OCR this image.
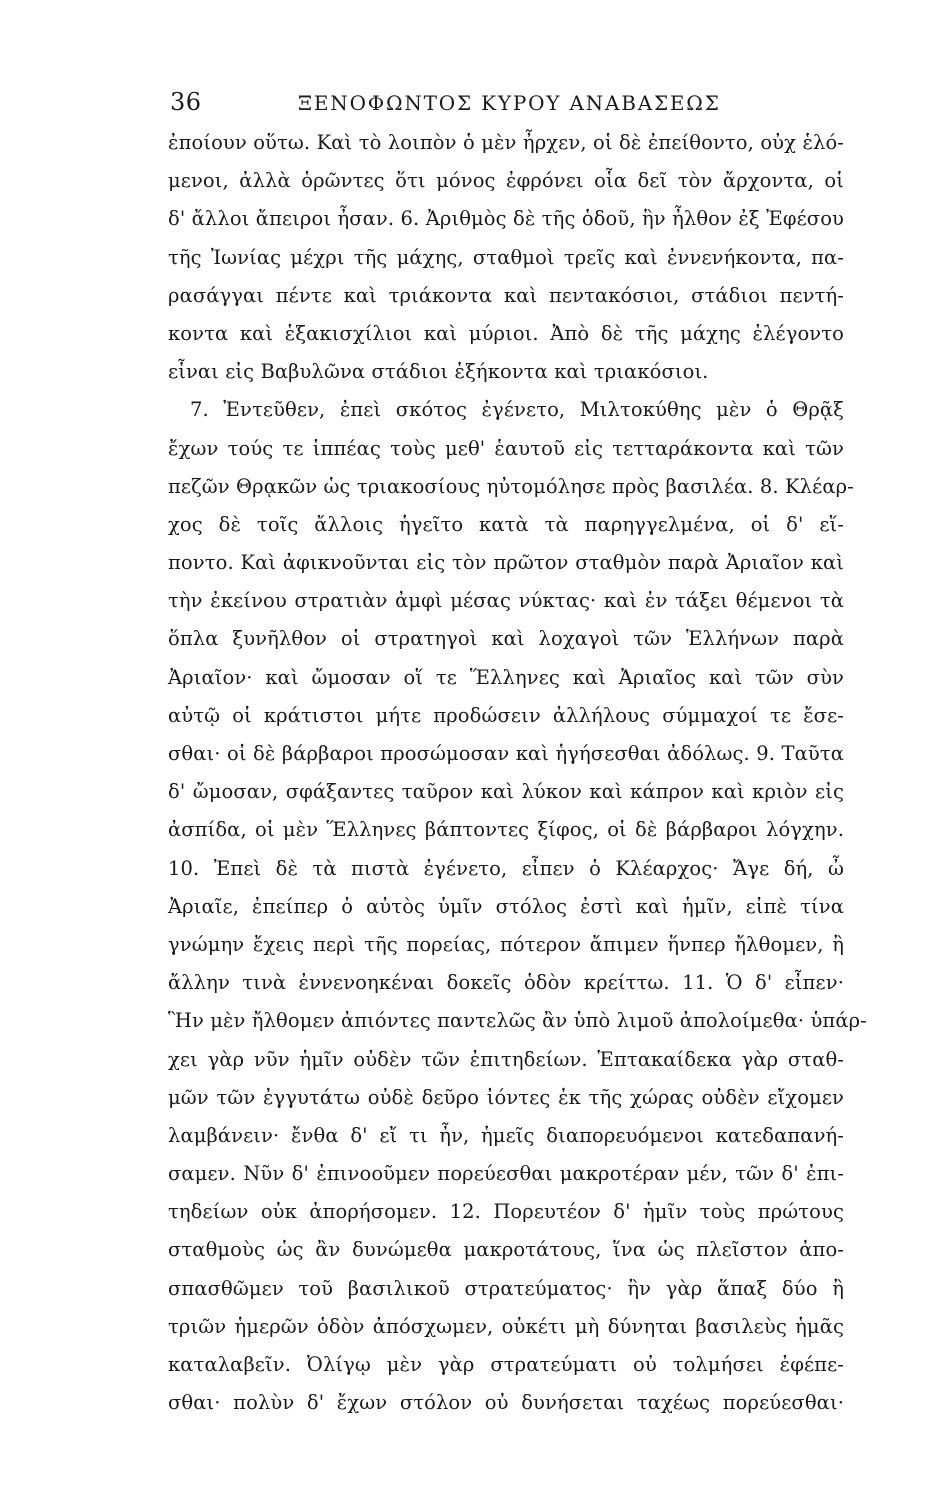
36	ΞΕΝΟΦΩΝΤΟΣ ΚΥΡΟΥ ΑΝΑΒΑΣΕΩΣ
ἐποίουν οὕτω. Καὶ τὸ λοιπὸν ὁ μὲν ἦρχεν, οἱ δὲ ἐπείθοντο, οὐχ ἑλό-
μενοι, ἀλλὰ ὁρῶντες ὅτι μόνος ἐφρόνει οἷα δεῖ τὸν ἄρχοντα, οἱ
δ' ἄλλοι ἄπειροι ἦσαν. 6. Ἀριθμὸς δὲ τῆς ὁδοῦ, ἣν ἦλθον ἐξ Ἐφέσου
τῆς Ἰωνίας μέχρι τῆς μάχης, σταθμοὶ τρεῖς καὶ ἐννενήκοντα, πα-
ρασάγγαι πέντε καὶ τριάκοντα καὶ πεντακόσιοι, στάδιοι πεντή-
κοντα καὶ ἑξακισχίλιοι καὶ μύριοι. Ἀπὸ δὲ τῆς μάχης ἐλέγοντο
εἶναι εἰς Βαβυλῶνα στάδιοι ἑξήκοντα καὶ τριακόσιοι.
7. Ἐντεῦθεν, ἐπεὶ σκότος ἐγένετο, Μιλτοκύθης μὲν ὁ Θρᾷξ
ἔχων τούς τε ἱππέας τοὺς μεθ' ἑαυτοῦ εἰς τετταράκοντα καὶ τῶν
πεζῶν Θρᾳκῶν ὡς τριακοσίους ηὐτομόλησε πρὸς βασιλέα. 8. Κλέαρ-
χος δὲ τοῖς ἄλλοις ἡγεῖτο κατὰ τὰ παρηγγελμένα, οἱ δ' εἵ-
ποντο. Καὶ ἀφικνοῦνται εἰς τὸν πρῶτον σταθμὸν παρὰ Ἀριαῖον καὶ
τὴν ἐκείνου στρατιὰν ἀμφὶ μέσας νύκτας· καὶ ἐν τάξει θέμενοι τὰ
ὅπλα ξυνῆλθον οἱ στρατηγοὶ καὶ λοχαγοὶ τῶν Ἑλλήνων παρὰ
Ἀριαῖον· καὶ ὤμοσαν οἵ τε Ἕλληνες καὶ Ἀριαῖος καὶ τῶν σὺν
αὐτῷ οἱ κράτιστοι μήτε προδώσειν ἀλλήλους σύμμαχοί τε ἔσε-
σθαι· οἱ δὲ βάρβαροι προσώμοσαν καὶ ἡγήσεσθαι ἀδόλως. 9. Ταῦτα
δ' ὤμοσαν, σφάξαντες ταῦρον καὶ λύκον καὶ κάπρον καὶ κριὸν εἰς
ἀσπίδα, οἱ μὲν Ἕλληνες βάπτοντες ξίφος, οἱ δὲ βάρβαροι λόγχην.
10. Ἐπεὶ δὲ τὰ πιστὰ ἐγένετο, εἶπεν ὁ Κλέαρχος· Ἄγε δή, ὦ
Ἀριαῖε, ἐπείπερ ὁ αὐτὸς ὑμῖν στόλος ἐστὶ καὶ ἡμῖν, εἰπὲ τίνα
γνώμην ἔχεις περὶ τῆς πορείας, πότερον ἄπιμεν ἥνπερ ἤλθομεν, ἢ
ἄλλην τινὰ ἐννενοηκέναι δοκεῖς ὁδὸν κρείττω. 11. Ὁ δ' εἶπεν·
Ἣν μὲν ἤλθομεν ἀπιόντες παντελῶς ἂν ὑπὸ λιμοῦ ἀπολοίμεθα· ὑπάρ-
χει γὰρ νῦν ἡμῖν οὐδὲν τῶν ἐπιτηδείων. Ἑπτακαίδεκα γὰρ σταθ-
μῶν τῶν ἐγγυτάτω οὐδὲ δεῦρο ἰόντες ἐκ τῆς χώρας οὐδὲν εἴχομεν
λαμβάνειν· ἔνθα δ' εἴ τι ἦν, ἡμεῖς διαπορευόμενοι κατεδαπανή-
σαμεν. Νῦν δ' ἐπινοοῦμεν πορεύεσθαι μακροτέραν μέν, τῶν δ' ἐπι-
τηδείων οὐκ ἀπορήσομεν. 12. Πορευτέον δ' ἡμῖν τοὺς πρώτους
σταθμοὺς ὡς ἂν δυνώμεθα μακροτάτους, ἵνα ὡς πλεῖστον ἀπο-
σπασθῶμεν τοῦ βασιλικοῦ στρατεύματος· ἢν γὰρ ἅπαξ δύο ἢ
τριῶν ἡμερῶν ὁδὸν ἀπόσχωμεν, οὐκέτι μὴ δύνηται βασιλεὺς ἡμᾶς
καταλαβεῖν. Ὀλίγῳ μὲν γὰρ στρατεύματι οὐ τολμήσει ἐφέπε-
σθαι· πολὺν δ' ἔχων στόλον οὐ δυνήσεται ταχέως πορεύεσθαι·
